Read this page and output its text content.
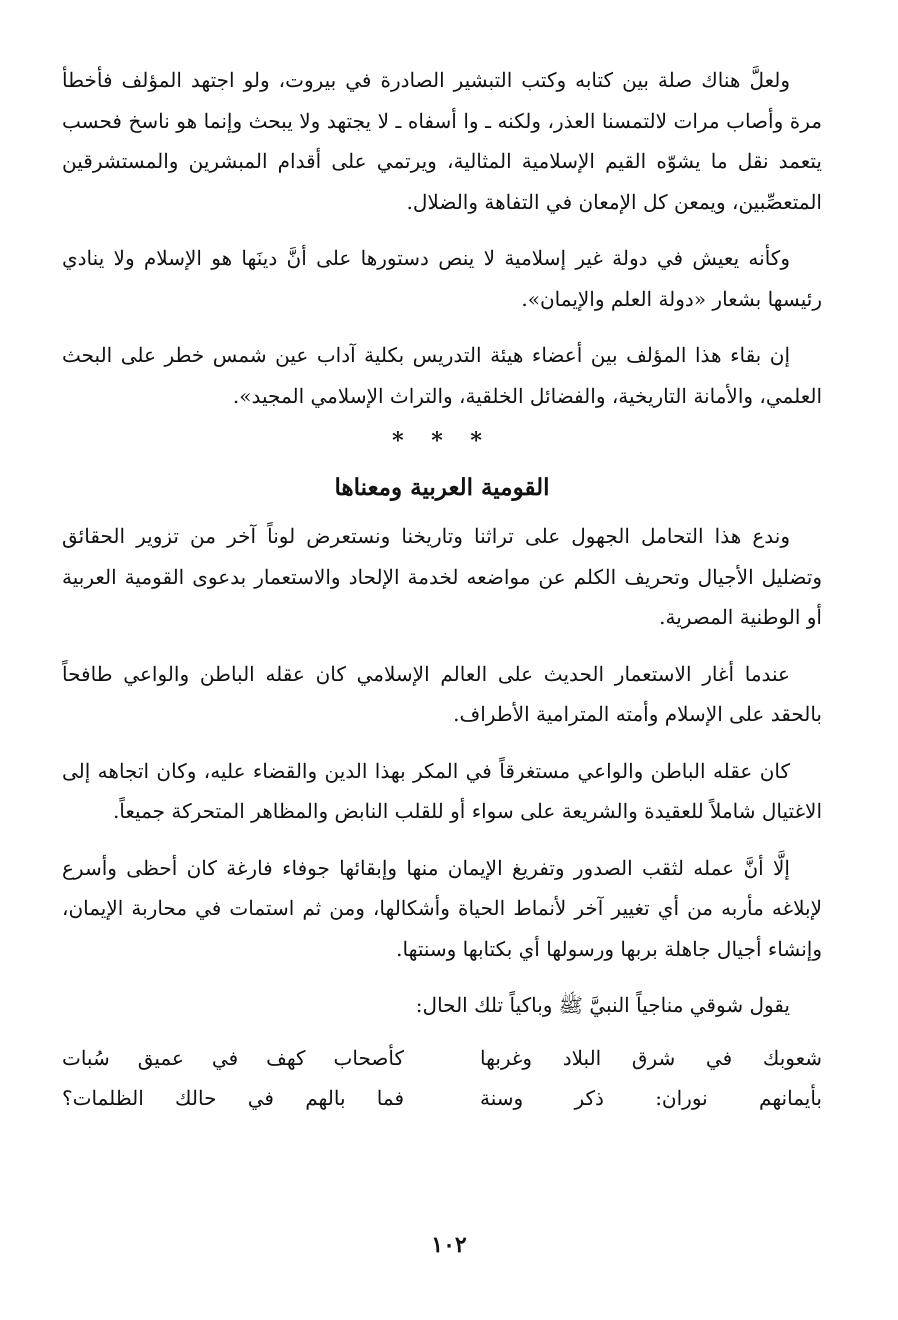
ولعلَّ هناك صلة بين كتابه وكتب التبشير الصادرة في بيروت، ولو اجتهد المؤلف فأخطأ مرة وأصاب مرات لالتمسنا العذر، ولكنه ـ وا أسفاه ـ لا يجتهد ولا يبحث وإنما هو ناسخ فحسب يتعمد نقل ما يشوّه القيم الإسلامية المثالية، ويرتمي على أقدام المبشرين والمستشرقين المتعصِّبين، ويمعن كل الإمعان في التفاهة والضلال.

وكأنه يعيش في دولة غير إسلامية لا ينص دستورها على أنَّ دينَها هو الإسلام ولا ينادي رئيسها بشعار «دولة العلم والإيمان».

إن بقاء هذا المؤلف بين أعضاء هيئة التدريس بكلية آداب عين شمس خطر على البحث العلمي، والأمانة التاريخية، والفضائل الخلقية، والتراث الإسلامي المجيد».

* * *
القومية العربية ومعناها

وندع هذا التحامل الجهول على تراثنا وتاريخنا ونستعرض لوناً آخر من تزوير الحقائق وتضليل الأجيال وتحريف الكلم عن مواضعه لخدمة الإلحاد والاستعمار بدعوى القومية العربية أو الوطنية المصرية.

عندما أغار الاستعمار الحديث على العالم الإسلامي كان عقله الباطن والواعي طافحاً بالحقد على الإسلام وأمته المترامية الأطراف.

كان عقله الباطن والواعي مستغرقاً في المكر بهذا الدين والقضاء عليه، وكان اتجاهه إلى الاغتيال شاملاً للعقيدة والشريعة على سواء أو للقلب النابض والمظاهر المتحركة جميعاً.

إلَّا أنَّ عمله لثقب الصدور وتفريغ الإيمان منها وإبقائها جوفاء فارغة كان أحظى وأسرع لإبلاغه مأربه من أي تغيير آخر لأنماط الحياة وأشكالها، ومن ثم استمات في محاربة الإيمان، وإنشاء أجيال جاهلة بربها ورسولها أي بكتابها وسنتها.

يقول شوقي مناجياً النبيَّ ﷺ وباكياً تلك الحال:

شعوبك في شرق البلاد وغربها
كأصحاب كهف في عميق سُبات
بأيمانهم نوران: ذكر وسنة
فما بالهم في حالك الظلمات؟
١٠٢
